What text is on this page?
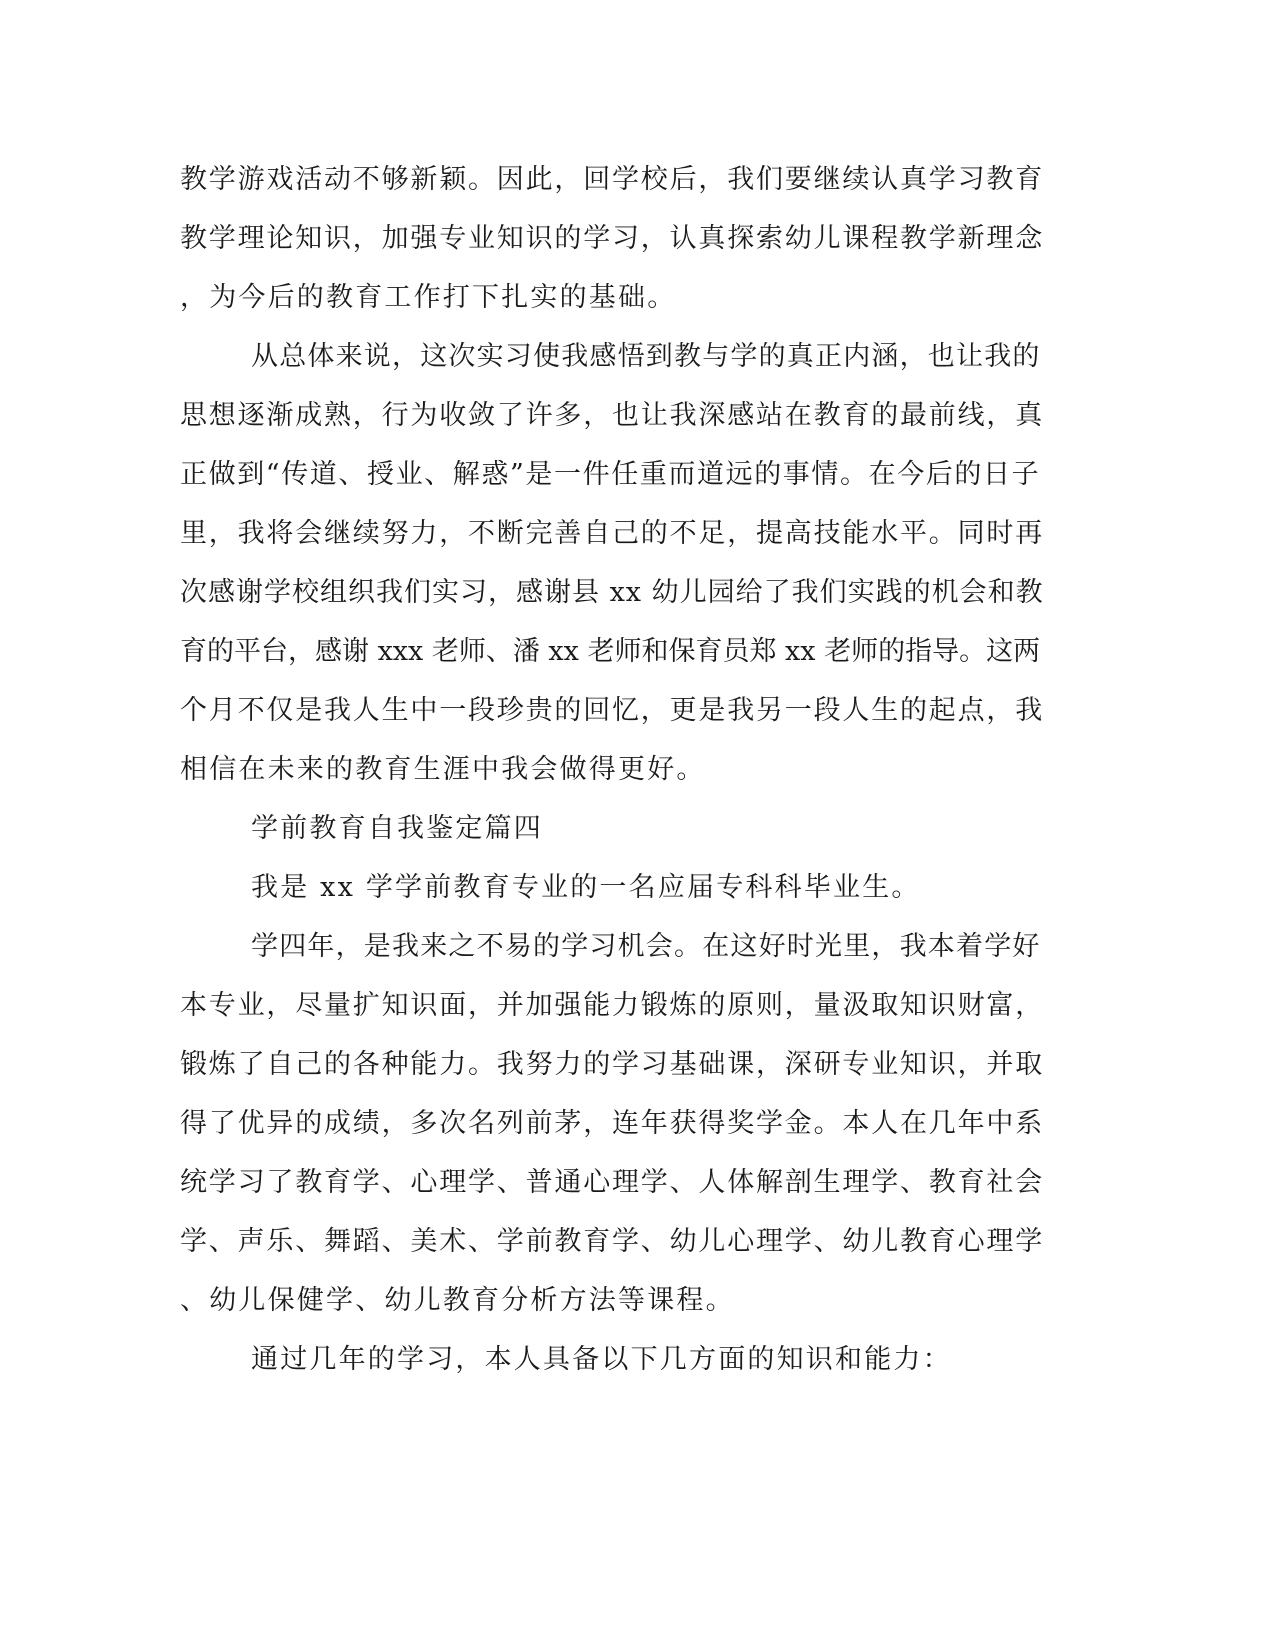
教学游戏活动不够新颖。因此，回学校后，我们要继续认真学习教育
教学理论知识，加强专业知识的学习，认真探索幼儿课程教学新理念
，为今后的教育工作打下扎实的基础。
从总体来说，这次实习使我感悟到教与学的真正内涵，也让我的
思想逐渐成熟，行为收敛了许多，也让我深感站在教育的最前线，真
正做到“传道、授业、解惑”是一件任重而道远的事情。在今后的日子
里，我将会继续努力，不断完善自己的不足，提高技能水平。同时再
次感谢学校组织我们实习，感谢县 xx 幼儿园给了我们实践的机会和教
育的平台，感谢 xxx 老师、潘 xx 老师和保育员郑 xx 老师的指导。这两
个月不仅是我人生中一段珍贵的回忆，更是我另一段人生的起点，我
相信在未来的教育生涯中我会做得更好。
学前教育自我鉴定篇四
我是 xx 学学前教育专业的一名应届专科科毕业生。
学四年，是我来之不易的学习机会。在这好时光里，我本着学好
本专业，尽量扩知识面，并加强能力锻炼的原则，量汲取知识财富，
锻炼了自己的各种能力。我努力的学习基础课，深研专业知识，并取
得了优异的成绩，多次名列前茅，连年获得奖学金。本人在几年中系
统学习了教育学、心理学、普通心理学、人体解剖生理学、教育社会
学、声乐、舞蹈、美术、学前教育学、幼儿心理学、幼儿教育心理学
、幼儿保健学、幼儿教育分析方法等课程。
通过几年的学习，本人具备以下几方面的知识和能力：
